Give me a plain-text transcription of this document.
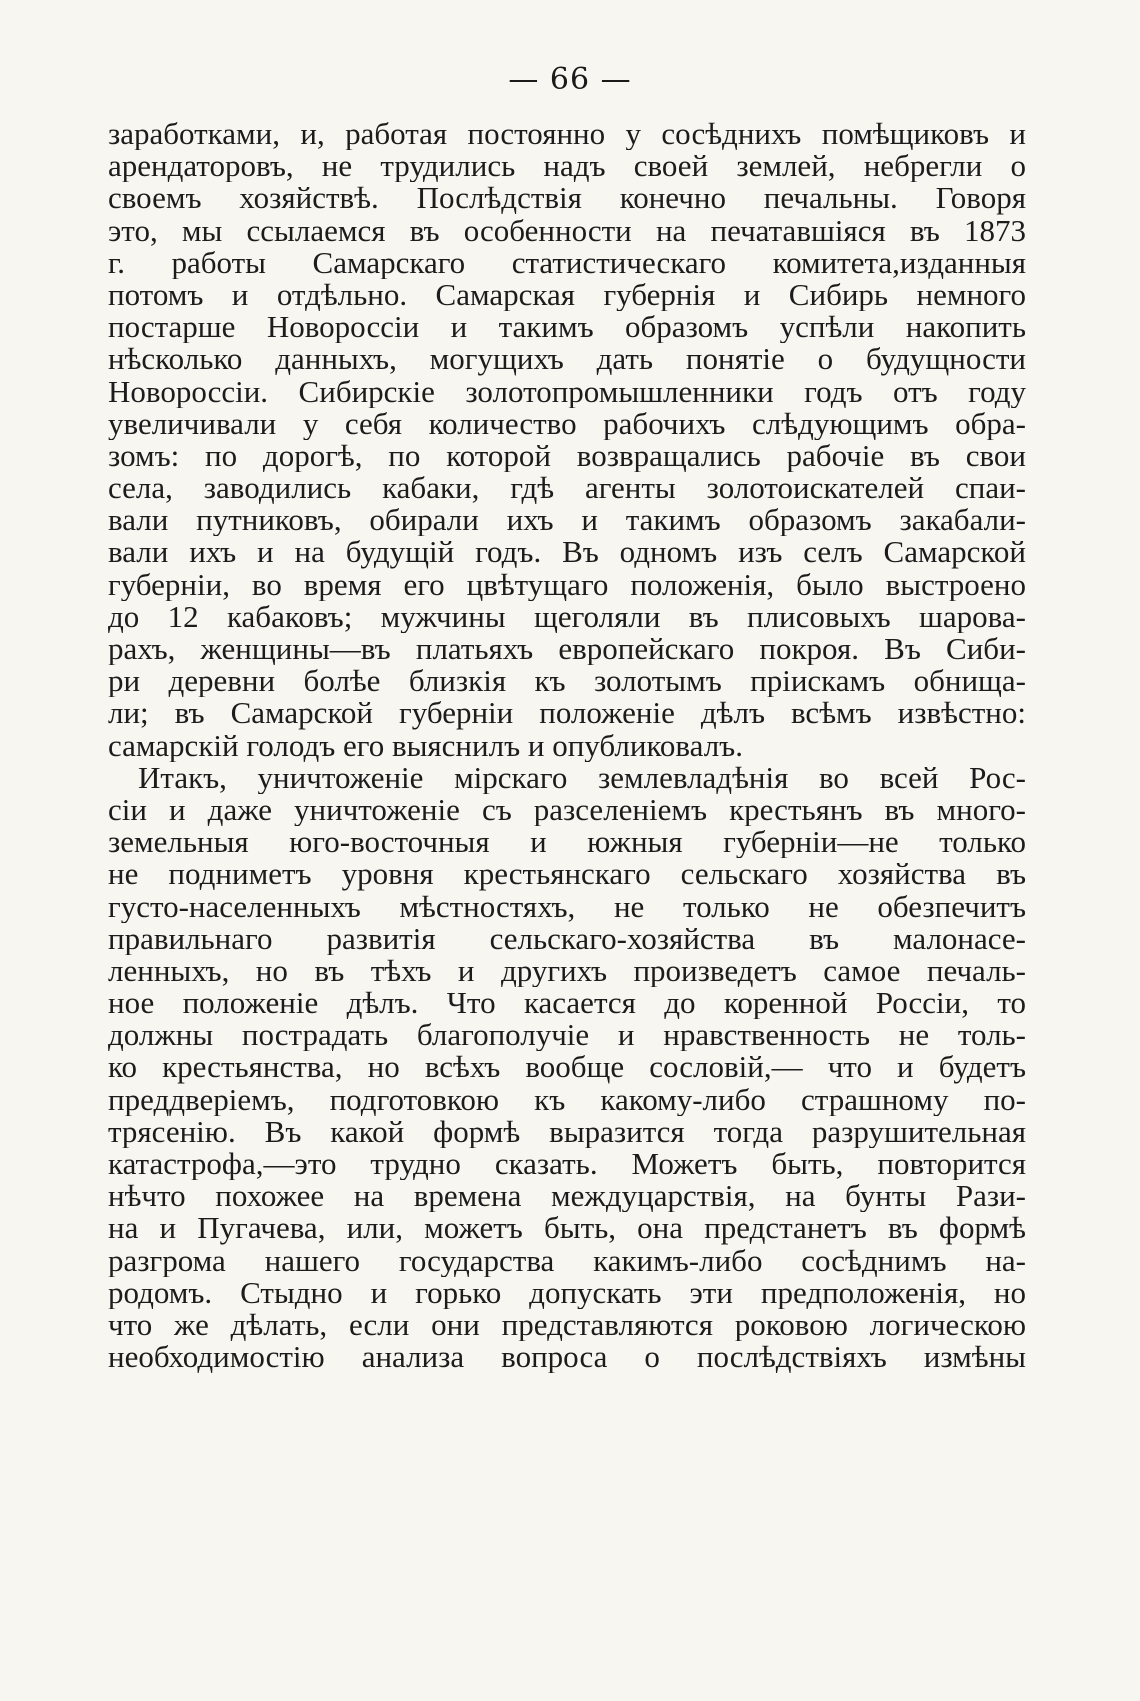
— 66 —
заработками, и, работая постоянно у сосѣднихъ помѣщиковъ и
арендаторовъ, не трудились надъ своей землей, небрегли о
своемъ хозяйствѣ. Послѣдствія конечно печальны. Говоря
это, мы ссылаемся въ особенности на печатавшіяся въ 1873
г. работы Самарскаго статистическаго комитета,изданныя
потомъ и отдѣльно. Самарская губернія и Сибирь немного
постарше Новороссіи и такимъ образомъ успѣли накопить
нѣсколько данныхъ, могущихъ дать понятіе о будущности
Новороссіи. Сибирскіе золотопромышленники годъ отъ году
увеличивали у себя количество рабочихъ слѣдующимъ обра-
зомъ: по дорогѣ, по которой возвращались рабочіе въ свои
села, заводились кабаки, гдѣ агенты золотоискателей спаи-
вали путниковъ, обирали ихъ и такимъ образомъ закабали-
вали ихъ и на будущій годъ. Въ одномъ изъ селъ Самарской
губерніи, во время его цвѣтущаго положенія, было выстроено
до 12 кабаковъ; мужчины щеголяли въ плисовыхъ шарова-
рахъ, женщины—въ платьяхъ европейскаго покроя. Въ Сиби-
ри деревни болѣе близкія къ золотымъ пріискамъ обнища-
ли; въ Самарской губерніи положеніе дѣлъ всѣмъ извѣстно:
самарскій голодъ его выяснилъ и опубликовалъ.
Итакъ, уничтоженіе мірскаго землевладѣнія во всей Рос-
сіи и даже уничтоженіе съ разселеніемъ крестьянъ въ много-
земельныя юго-восточныя и южныя губерніи—не только
не подниметъ уровня крестьянскаго сельскаго хозяйства въ
густо-населенныхъ мѣстностяхъ, не только не обезпечитъ
правильнаго развитія сельскаго-хозяйства въ малонасе-
ленныхъ, но въ тѣхъ и другихъ произведетъ самое печаль-
ное положеніе дѣлъ. Что касается до коренной Россіи, то
должны пострадать благополучіе и нравственность не толь-
ко крестьянства, но всѣхъ вообще сословій,— что и будетъ
преддверіемъ, подготовкою къ какому-либо страшному по-
трясенію. Въ какой формѣ выразится тогда разрушительная
катастрофа,—это трудно сказать. Можетъ быть, повторится
нѣчто похожее на времена междуцарствія, на бунты Рази-
на и Пугачева, или, можетъ быть, она предстанетъ въ формѣ
разгрома нашего государства какимъ-либо сосѣднимъ на-
родомъ. Стыдно и горько допускать эти предположенія, но
что же дѣлать, если они представляются роковою логическою
необходимостію анализа вопроса о послѣдствіяхъ измѣны
